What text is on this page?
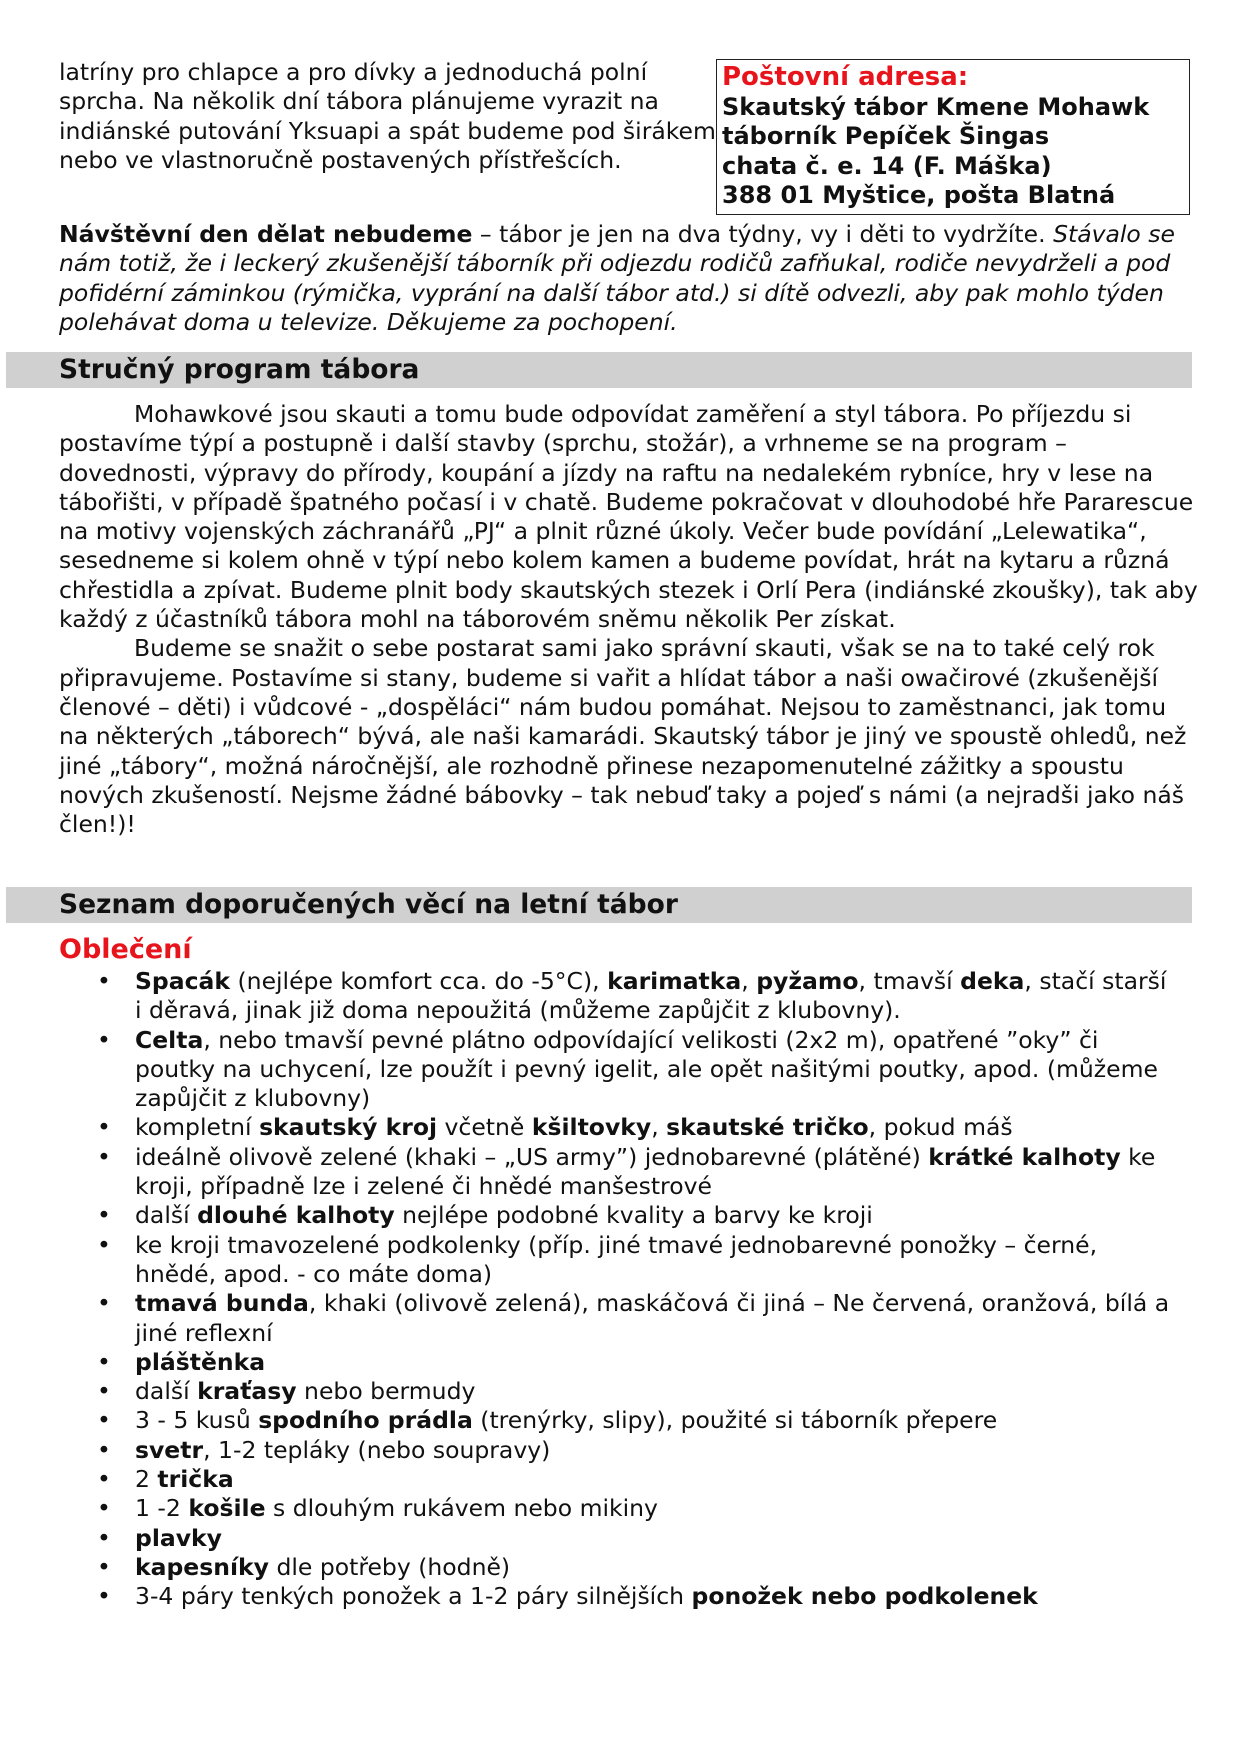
latríny pro chlapce a pro dívky a jednoduchá polní sprcha. Na několik dní tábora plánujeme vyrazit na indiánské putování Yksuapi a spát budeme pod širákem nebo ve vlastnoručně postavených přístřešcích.
Poštovní adresa:
Skautský tábor Kmene Mohawk
táborník Pepíček Šingas
chata č. e. 14 (F. Máška)
388 01 Myštice, pošta Blatná
Návštěvní den dělat nebudeme – tábor je jen na dva týdny, vy i děti to vydržíte. Stávalo se nám totiž, že i leckerý zkušenější táborník při odjezdu rodičů zafňukal, rodiče nevydrželi a pod pofidérní záminkou (rýmička, vyprání na další tábor atd.) si dítě odvezli, aby pak mohlo týden polehávat doma u televize. Děkujeme za pochopení.
Stručný program tábora

Mohawkové jsou skauti a tomu bude odpovídat zaměření a styl tábora. Po příjezdu si postavíme týpí a postupně i další stavby (sprchu, stožár), a vrhneme se na program – dovednosti, výpravy do přírody, koupání a jízdy na raftu na nedalekém rybníce, hry v lese na tábořišti, v případě špatného počasí i v chatě. Budeme pokračovat v dlouhodobé hře Pararescue na motivy vojenských záchranářů „PJ“ a plnit různé úkoly. Večer bude povídání „Lelewatika“, sesedneme si kolem ohně v týpí nebo kolem kamen a budeme povídat, hrát na kytaru a různá chřestidla a zpívat. Budeme plnit body skautských stezek i Orlí Pera (indiánské zkoušky), tak aby každý z účastníků tábora mohl na táborovém sněmu několik Per získat.

Budeme se snažit o sebe postarat sami jako správní skauti, však se na to také celý rok připravujeme. Postavíme si stany, budeme si vařit a hlídat tábor a naši owačirové (zkušenější členové – děti) i vůdcové - „dospěláci“ nám budou pomáhat. Nejsou to zaměstnanci, jak tomu na některých „táborech“ bývá, ale naši kamarádi. Skautský tábor je jiný ve spoustě ohledů, než jiné „tábory“, možná náročnější, ale rozhodně přinese nezapomenutelné zážitky a spoustu nových zkušeností. Nejsme žádné bábovky – tak nebuď taky a pojeď s námi (a nejradši jako náš člen!)!

Seznam doporučených věcí na letní tábor
Oblečení
• Spacák (nejlépe komfort cca. do -5°C), karimatka, pyžamo, tmavší deka, stačí starší i děravá, jinak již doma nepoužitá (můžeme zapůjčit z klubovny).
• Celta, nebo tmavší pevné plátno odpovídající velikosti (2x2 m), opatřené ”oky” či poutky na uchycení, lze použít i pevný igelit, ale opět našitými poutky, apod. (můžeme zapůjčit z klubovny)
• kompletní skautský kroj včetně kšiltovky, skautské tričko, pokud máš
• ideálně olivově zelené (khaki – „US army”) jednobarevné (plátěné) krátké kalhoty ke kroji, případně lze i zelené či hnědé manšestrové
• další dlouhé kalhoty nejlépe podobné kvality a barvy ke kroji
• ke kroji tmavozelené podkolenky (příp. jiné tmavé jednobarevné ponožky – černé, hnědé, apod. - co máte doma)
• tmavá bunda, khaki (olivově zelená), maskáčová či jiná – Ne červená, oranžová, bílá a jiné reflexní
• pláštěnka
• další kraťasy nebo bermudy
• 3 - 5 kusů spodního prádla (trenýrky, slipy), použité si táborník přepere
• svetr, 1-2 tepláky (nebo soupravy)
• 2 trička
• 1 -2 košile s dlouhým rukávem nebo mikiny
• plavky
• kapesníky dle potřeby (hodně)
• 3-4 páry tenkých ponožek a 1-2 páry silnějších ponožek nebo podkolenek
